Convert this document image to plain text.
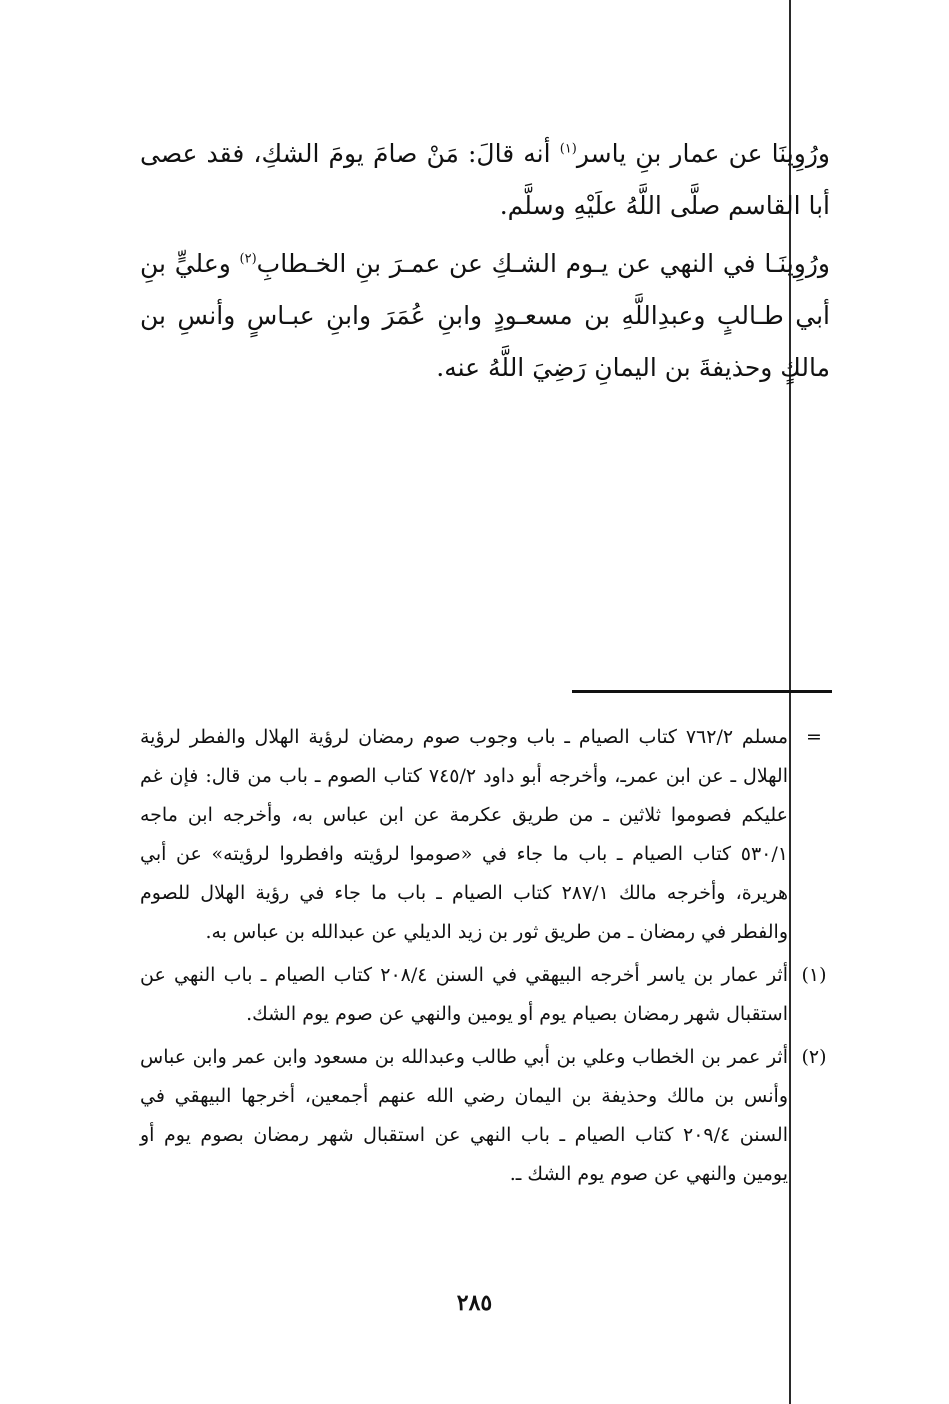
ورُوِينَا عن عمار بنِ ياسر$^{(١)}$ أنه قالَ: مَنْ صامَ يومَ الشكِ، فقد عصى أبا القاسم صلَّى اللَّهُ علَيْهِ وسلَّم.

ورُوِينَـا في النهي عن يـوم الشـكِ عن عمـرَ بنِ الخـطابِ$^{(٢)}$ وعليٍّ بنِ أبي طـالبٍ وعبدِاللَّهِ بن مسعـودٍ وابنِ عُمَرَ وابنِ عبـاسٍ وأنسِ بن مالكٍ وحذيفةَ بن اليمانِ رَضِيَ اللَّهُ عنه.

=
مسلم ٧٦٢/٢ كتاب الصيام ـ باب وجوب صوم رمضان لرؤية الهلال والفطر لرؤية الهلال ـ عن ابن عمرـ، وأخرجه أبو داود ٧٤٥/٢ كتاب الصوم ـ باب من قال: فإن غم عليكم فصوموا ثلاثين ـ من طريق عكرمة عن ابن عباس به، وأخرجه ابن ماجه ٥٣٠/١ كتاب الصيام ـ باب ما جاء في «صوموا لرؤيته وافطروا لرؤيته» عن أبي هريرة، وأخرجه مالك ٢٨٧/١ كتاب الصيام ـ باب ما جاء في رؤية الهلال للصوم والفطر في رمضان ـ من طريق ثور بن زيد الديلي عن عبدالله بن عباس به.
(١)
أثر عمار بن ياسر أخرجه البيهقي في السنن ٢٠٨/٤ كتاب الصيام ـ باب النهي عن استقبال شهر رمضان بصيام يوم أو يومين والنهي عن صوم يوم الشك.
(٢)
أثر عمر بن الخطاب وعلي بن أبي طالب وعبدالله بن مسعود وابن عمر وابن عباس وأنس بن مالك وحذيفة بن اليمان رضي الله عنهم أجمعين، أخرجها البيهقي في السنن ٢٠٩/٤ كتاب الصيام ـ باب النهي عن استقبال شهر رمضان بصوم يوم أو يومين والنهي عن صوم يوم الشك ـ.
٢٨٥
